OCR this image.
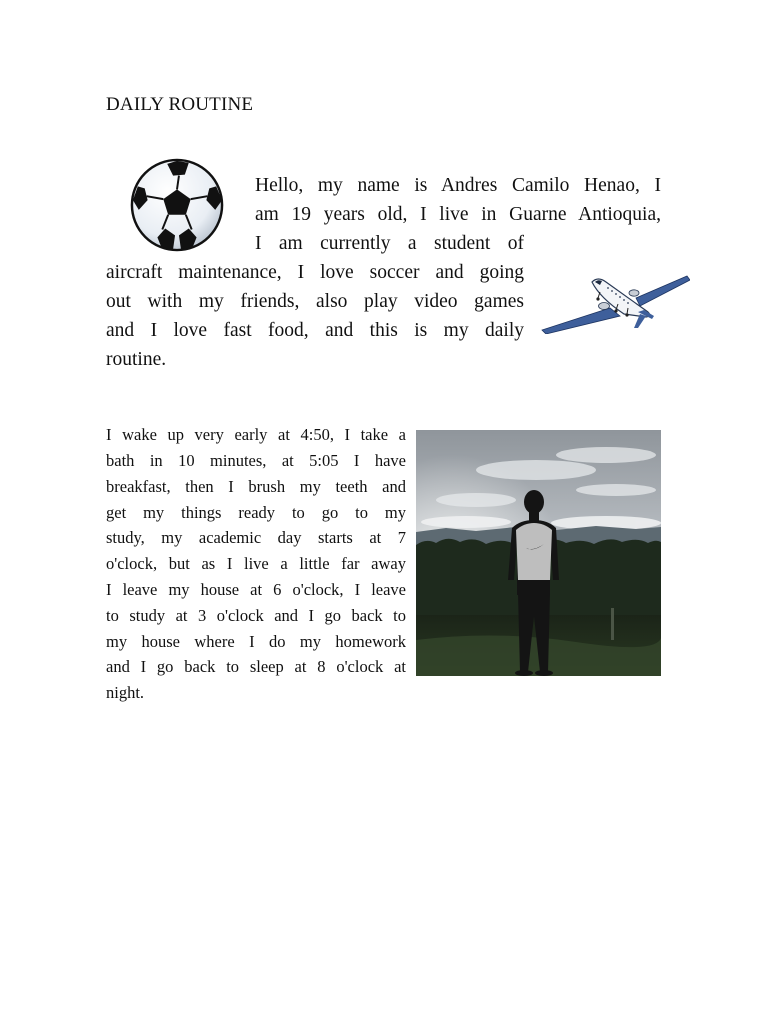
DAILY ROUTINE
Hello, my name is Andres Camilo Henao, I
am 19 years old, I live in Guarne Antioquia,
I am currently a student of
aircraft maintenance, I love soccer and going
out with my friends, also play video games
and I love fast food, and this is my daily
routine.
I wake up very early at 4:50, I take a
bath in 10 minutes, at 5:05 I have
breakfast, then I brush my teeth and
get my things ready to go to my
study, my academic day starts at 7
o'clock, but as I live a little far away
I leave my house at 6 o'clock, I leave
to study at 3 o'clock and I go back to
my house where I do my homework
and I go back to sleep at 8 o'clock at
night.
